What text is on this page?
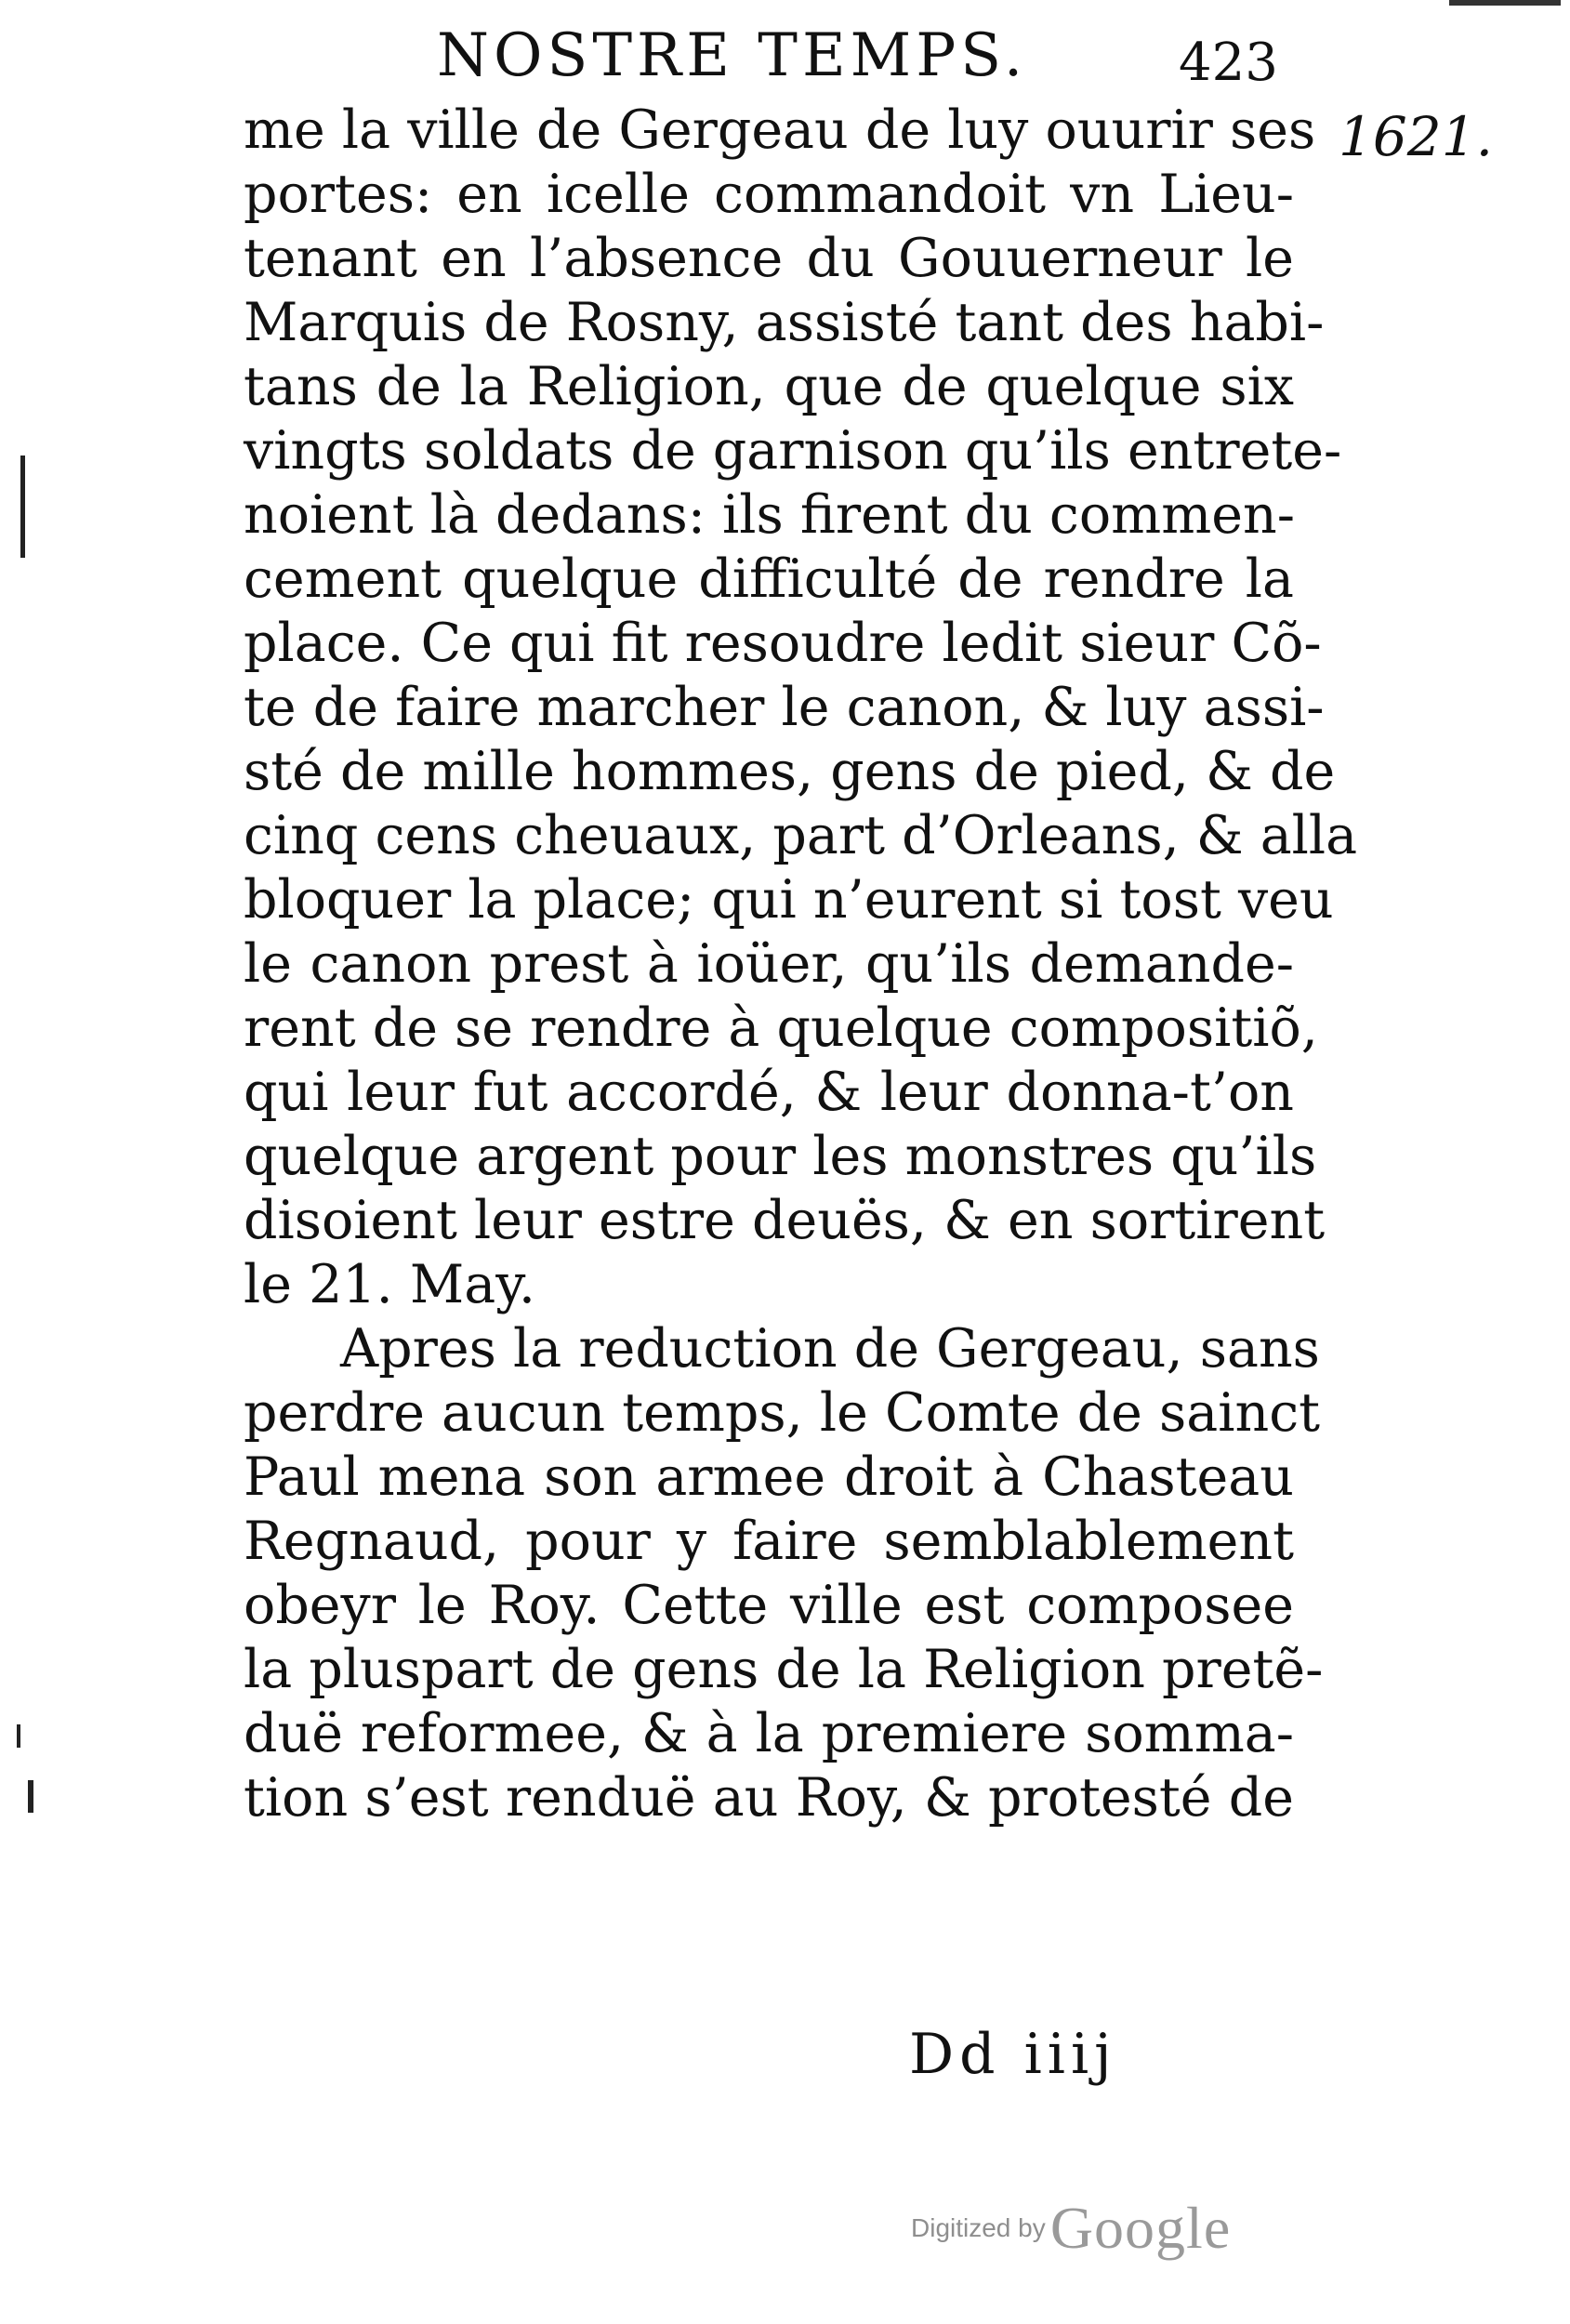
NOSTRE TEMPS.	423
1621.
me la ville de Gergeau de luy ouurir ses
portes: en icelle commandoit vn Lieu-
tenant en l’absence du Gouuerneur le
Marquis de Rosny, assisté tant des habi-
tans de la Religion, que de quelque six
vingts soldats de garnison qu’ils entrete-
noient là dedans: ils firent du commen-
cement quelque difficulté de rendre la
place. Ce qui fit resoudre ledit sieur Cõ-
te de faire marcher le canon, & luy assi-
sté de mille hommes, gens de pied, & de
cinq cens cheuaux, part d’Orleans, & alla
bloquer la place; qui n’eurent si tost veu
le canon prest à ioüer, qu’ils demande-
rent de se rendre à quelque compositiõ,
qui leur fut accordé, & leur donna-t’on
quelque argent pour les monstres qu’ils
disoient leur estre deuës, & en sortirent
le 21. May.
Apres la reduction de Gergeau, sans
perdre aucun temps, le Comte de sainct
Paul mena son armee droit à Chasteau
Regnaud, pour y faire semblablement
obeyr le Roy. Cette ville est composee
la pluspart de gens de la Religion pretẽ-
duë reformee, & à la premiere somma-
tion s’est renduë au Roy, & protesté de
Dd iiij
Digitized by Google
